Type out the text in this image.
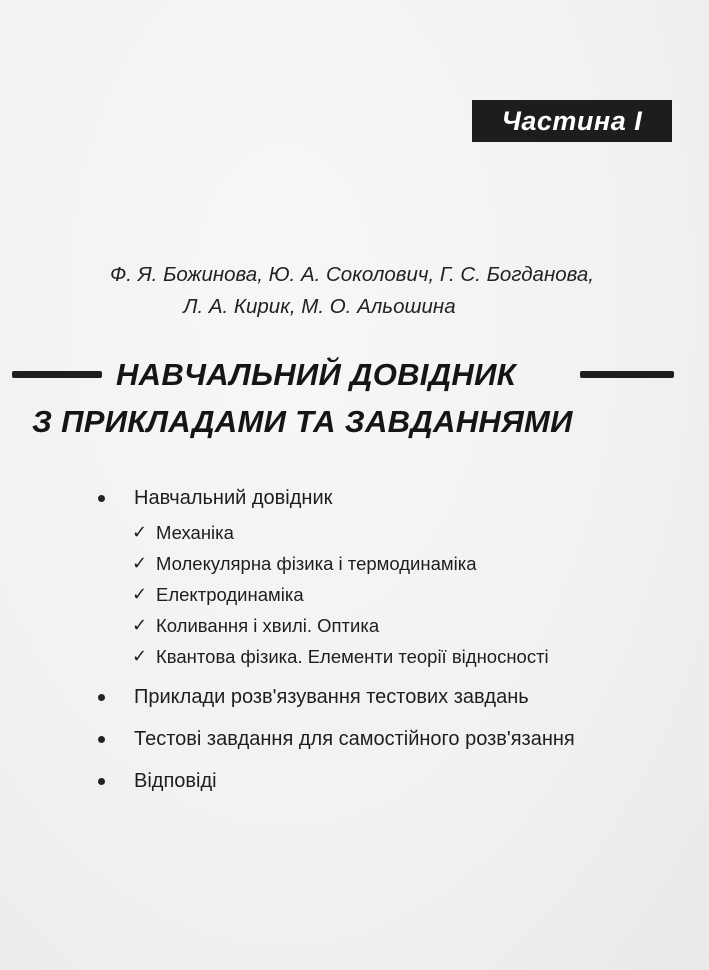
Частина І
Ф. Я. Божинова, Ю. А. Соколович, Г. С. Богданова,
Л. А. Кирик, М. О. Альошина
НАВЧАЛЬНИЙ ДОВІДНИК
З ПРИКЛАДАМИ ТА ЗАВДАННЯМИ
Навчальний довідник
✓ Механіка
✓ Молекулярна фізика і термодинаміка
✓ Електродинаміка
✓ Коливання і хвилі. Оптика
✓ Квантова фізика. Елементи теорії відносності
Приклади розв'язування тестових завдань
Тестові завдання для самостійного розв'язання
Відповіді
